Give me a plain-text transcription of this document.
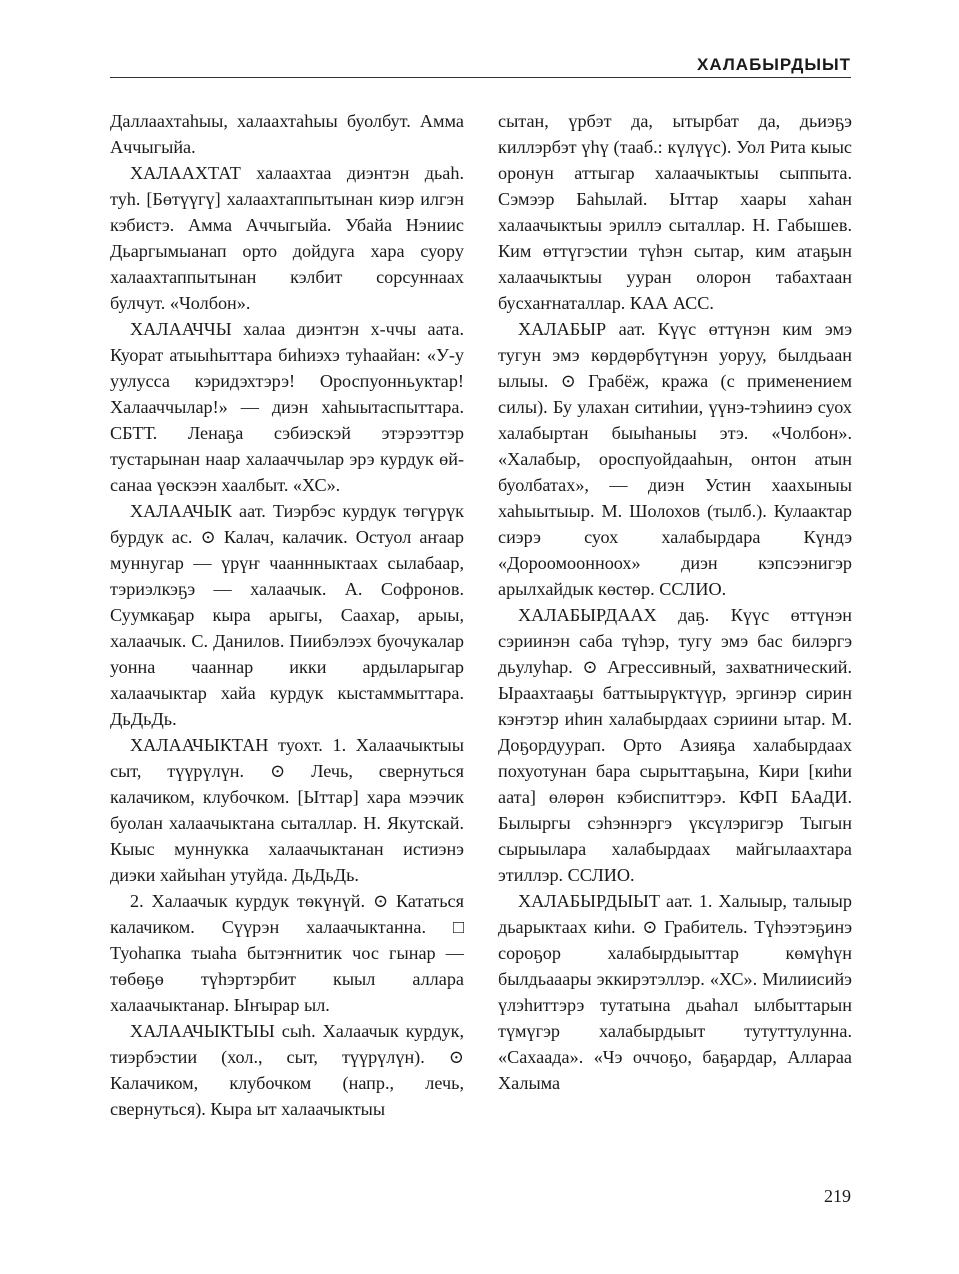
ХАЛАБЫРДЫЫТ

Даллаахтаһыы, халаахтаһыы буолбут. Амма Аччыгыйа.

ХАЛААХТАТ халаахтаа диэнтэн дьаһ. туһ. [Бөтүүгү] халаахтаппытынан киэр илгэн кэбистэ. Амма Аччыгыйа. Убайа Нэниис Дьаргымыанап орто дойдуга хара суорy халаахтаппытынан кэлбит сорсуннаах булчут. «Чолбон».

ХАЛААЧЧЫ халаа диэнтэн х-ччы аата. Куорат атыыһыттара биһиэхэ туһаайан: «У-у уулусса кэридэхтэрэ! Ороспуонньуктар! Халааччылар!» — диэн хаһыытаспыттара. СБТТ. Ленаҕа сэбиэскэй этэрээттэр тустарынан наар халааччылар эрэ курдук өй-санаа үөскээн хаалбыт. «ХС».

ХАЛААЧЫК аат. Тиэрбэс курдук төгүрүк бурдук ас. ⊙ Калач, калачик. Остуол аҥаар муннугар — үрүҥ чааннныктаах сылабаар, тэриэлкэҕэ — халаачык. А. Софронов. Суумкаҕар кыра арыгы, Саахар, арыы, халаачык. С. Данилов. Пиибэлээх буочукалар уонна чааннар икки ардыларыгар халаачыктар хайа курдук кыстаммыттара. ДьДьДь.

ХАЛААЧЫКТАН туохт. 1. Халаачыктыы сыт, түүрүлүн. ⊙ Лечь, свернуться калачиком, клубочком. [Ыттар] хара мээчик буолан халаачыктана сыталлар. Н. Якутскай. Кыыс муннукка халаачыктанан истиэнэ диэки хайыһан утуйда. ДьДьДь.

2. Халаачык курдук төкүнүй. ⊙ Кататься калачиком. Сүүрэн халаачыктанна. □ Туоһапка тыаһа бытэҥнитик чос гынар — төбөҕө түһэртэрбит кыыл аллара халаачыктанар. Ыҥырар ыл.

ХАЛААЧЫКТЫЫ сыһ. Халаачык курдук, тиэрбэстии (хол., сыт, түүрүлүн). ⊙ Калачиком, клубочком (напр., лечь, свернуться). Кыра ыт халаачыктыы

сытан, үрбэт да, ытырбат да, дьиэҕэ киллэрбэт үһү (тааб.: күлүүс). Уол Рита кыыс оронун аттыгар халаачыктыы сыппыта. Сэмээр Баһылай. Ыттар хаары хаһан халаачыктыы эриллэ сыталлар. Н. Габышев. Ким өттүгэстии түһэн сытар, ким атаҕын халаачыктыы ууран олорон табахтаан бусхаҥнаталлар. КАА АСС.

ХАЛАБЫР аат. Күүс өттүнэн ким эмэ тугун эмэ көрдөрбүтүнэн уоруу, былдьаан ылыы. ⊙ Грабёж, кража (с применением силы). Бу улахан ситиһии, үүнэ-тэһиинэ суох халабыртан быыһаныы этэ. «Чолбон». «Халабыр, ороспуойдааһын, онтон атын буолбатах», — диэн Устин хаахыныы хаһыытыыр. М. Шолохов (тылб.). Кулаактар сиэрэ суох халабырдара Күндэ «Дороомоонноох» диэн кэпсээнигэр арылхайдык көстөр. ССЛИО.

ХАЛАБЫРДААХ даҕ. Күүс өттүнэн сэриинэн саба түһэр, тугу эмэ бас билэргэ дьулуһар. ⊙ Агрессивный, захватнический. Ыраахтааҕы баттыырүктүүр, эргинэр сирин кэҥэтэр иһин халабырдаах сэриини ытар. М. Доҕордуурап. Орто Азияҕа халабырдаах похуотунан бара сырыттаҕына, Кири [киһи аата] өлөрөн кэбиспиттэрэ. КФП БАаДИ. Былыргы сэһэннэргэ үксүлэригэр Тыгын сырыылара халабырдаах майгылаахтара этиллэр. ССЛИО.

ХАЛАБЫРДЫЫТ аат. 1. Халыыр, талыыр дьарыктаах киһи. ⊙ Грабитель. Түһээтэҕинэ сороҕор халабырдыыттар көмүһүн былдьааары эккирэтэллэр. «ХС». Милиисийэ үлэһиттэрэ тутатына дьаһал ылбыттарын түмүгэр халабырдыыт тутуттулунна. «Сахаада». «Чэ оччоҕо, баҕардар, Аллараа Халыма

219
